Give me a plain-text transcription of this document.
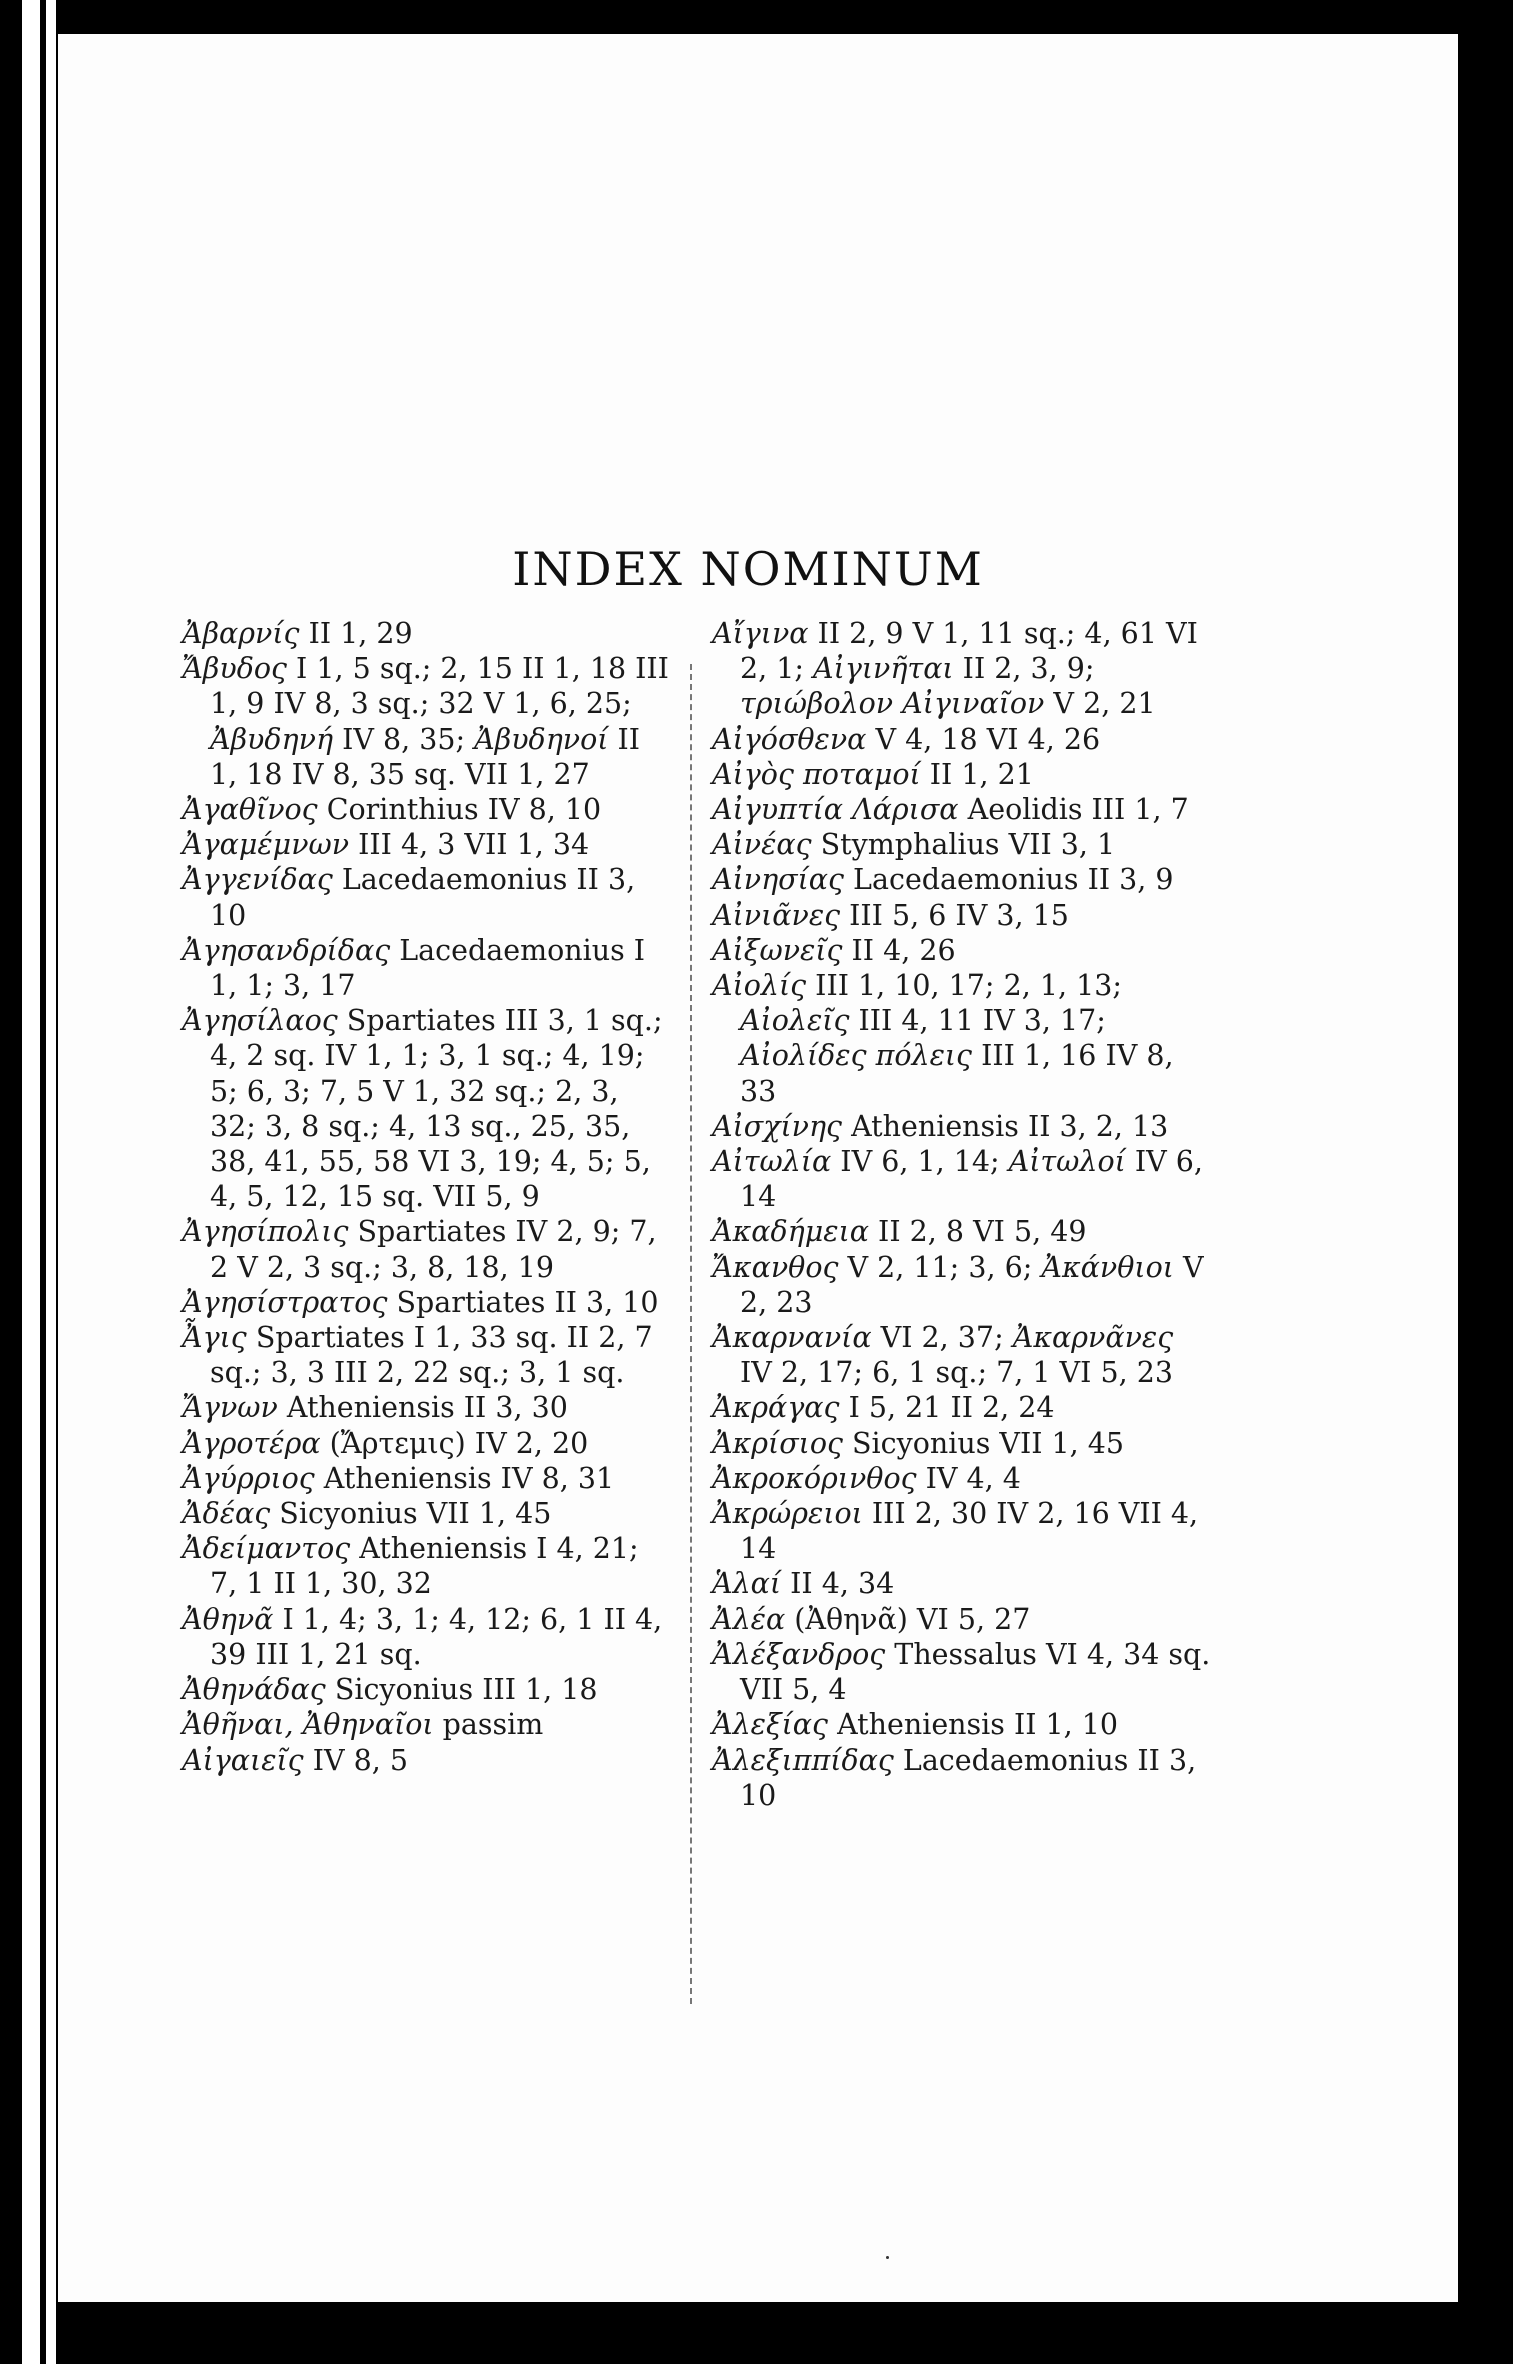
INDEX NOMINUM
Ἀβαρνίς II 1, 29
Ἄβυδος I 1, 5 sq.; 2, 15 II 1, 18 III 1, 9 IV 8, 3 sq.; 32 V 1, 6, 25; Ἀβυδηνή IV 8, 35; Ἀβυδηνοί II 1, 18 IV 8, 35 sq. VII 1, 27
Ἀγαθῖνος Corinthius IV 8, 10
Ἀγαμέμνων III 4, 3 VII 1, 34
Ἀγγενίδας Lacedaemonius II 3, 10
Ἀγησανδρίδας Lacedaemonius I 1, 1; 3, 17
Ἀγησίλαος Spartiates III 3, 1 sq.; 4, 2 sq. IV 1, 1; 3, 1 sq.; 4, 19; 5; 6, 3; 7, 5 V 1, 32 sq.; 2, 3, 32; 3, 8 sq.; 4, 13 sq., 25, 35, 38, 41, 55, 58 VI 3, 19; 4, 5; 5, 4, 5, 12, 15 sq. VII 5, 9
Ἀγησίπολις Spartiates IV 2, 9; 7, 2 V 2, 3 sq.; 3, 8, 18, 19
Ἀγησίστρατος Spartiates II 3, 10
Ἆγις Spartiates I 1, 33 sq. II 2, 7 sq.; 3, 3 III 2, 22 sq.; 3, 1 sq.
Ἄγνων Atheniensis II 3, 30
Ἀγροτέρα (Ἄρτεμις) IV 2, 20
Ἀγύρριος Atheniensis IV 8, 31
Ἀδέας Sicyonius VII 1, 45
Ἀδείμαντος Atheniensis I 4, 21; 7, 1 II 1, 30, 32
Ἀθηνᾶ I 1, 4; 3, 1; 4, 12; 6, 1 II 4, 39 III 1, 21 sq.
Ἀθηνάδας Sicyonius III 1, 18
Ἀθῆναι, Ἀθηναῖοι passim
Αἰγαιεῖς IV 8, 5
Αἴγινα II 2, 9 V 1, 11 sq.; 4, 61 VI 2, 1; Αἰγινῆται II 2, 3, 9; τριώβολον Αἰγιναῖον V 2, 21
Αἰγόσθενα V 4, 18 VI 4, 26
Αἰγὸς ποταμοί II 1, 21
Αἰγυπτία Λάρισα Aeolidis III 1, 7
Αἰνέας Stymphalius VII 3, 1
Αἰνησίας Lacedaemonius II 3, 9
Αἰνιᾶνες III 5, 6 IV 3, 15
Αἰξωνεῖς II 4, 26
Αἰολίς III 1, 10, 17; 2, 1, 13; Αἰολεῖς III 4, 11 IV 3, 17; Αἰολίδες πόλεις III 1, 16 IV 8, 33
Αἰσχίνης Atheniensis II 3, 2, 13
Αἰτωλία IV 6, 1, 14; Αἰτωλοί IV 6, 14
Ἀκαδήμεια II 2, 8 VI 5, 49
Ἄκανθος V 2, 11; 3, 6; Ἀκάνθιοι V 2, 23
Ἀκαρνανία VI 2, 37; Ἀκαρνᾶνες IV 2, 17; 6, 1 sq.; 7, 1 VI 5, 23
Ἀκράγας I 5, 21 II 2, 24
Ἀκρίσιος Sicyonius VII 1, 45
Ἀκροκόρινθος IV 4, 4
Ἀκρώρειοι III 2, 30 IV 2, 16 VII 4, 14
Ἁλαί II 4, 34
Ἀλέα (Ἀθηνᾶ) VI 5, 27
Ἀλέξανδρος Thessalus VI 4, 34 sq. VII 5, 4
Ἀλεξίας Atheniensis II 1, 10
Ἀλεξιππίδας Lacedaemonius II 3, 10
